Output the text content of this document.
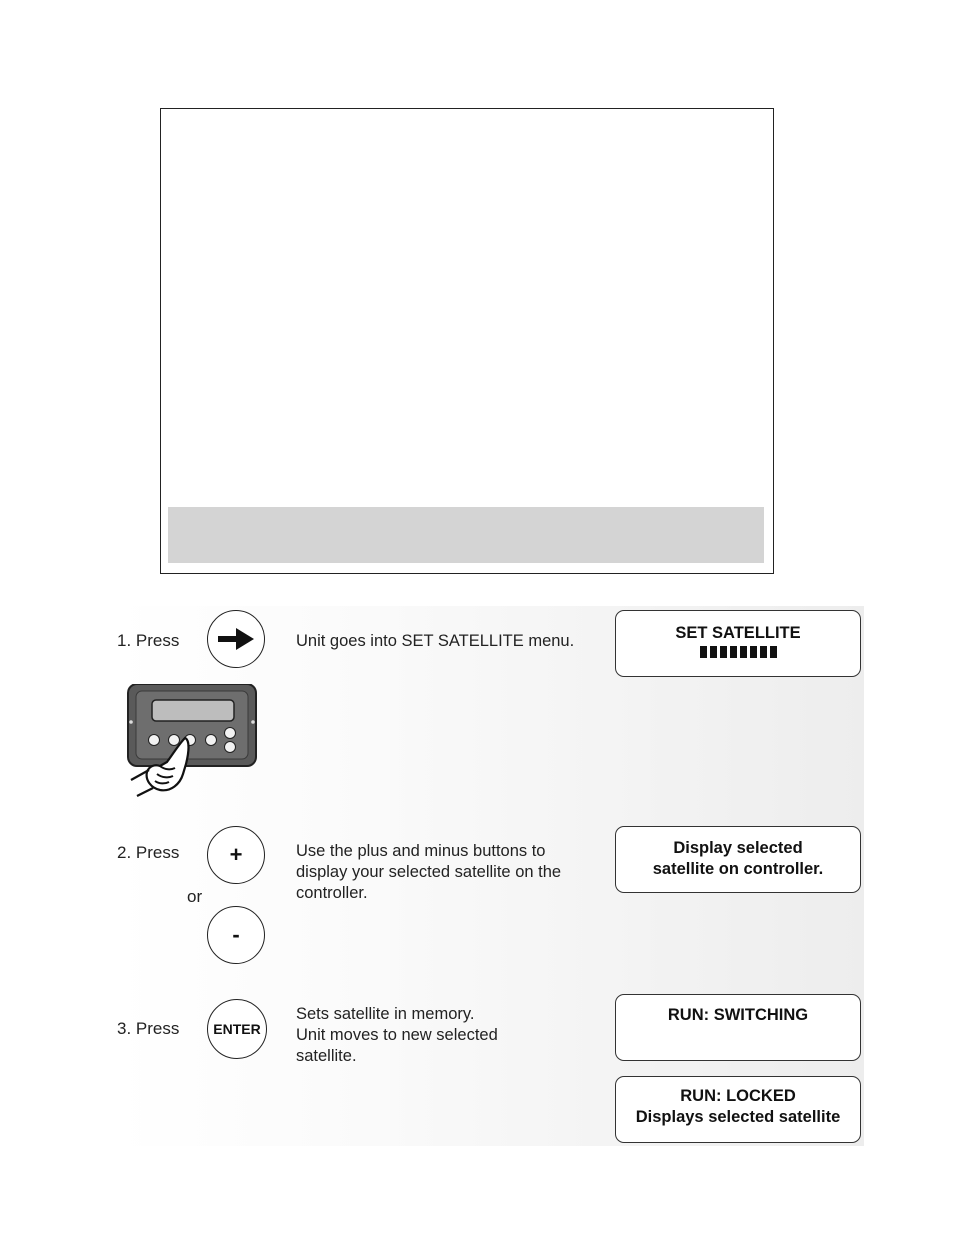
1. Press	Unit goes into SET SATELLITE menu.	SET SATELLITE
2. Press +
or
-
Use the plus and minus buttons to
display your selected satellite on the
controller.
Display selected
satellite on controller.
3. Press ENTER
Sets satellite in memory.
Unit moves to new selected
satellite.
RUN: SWITCHING
RUN: LOCKED
Displays selected satellite
